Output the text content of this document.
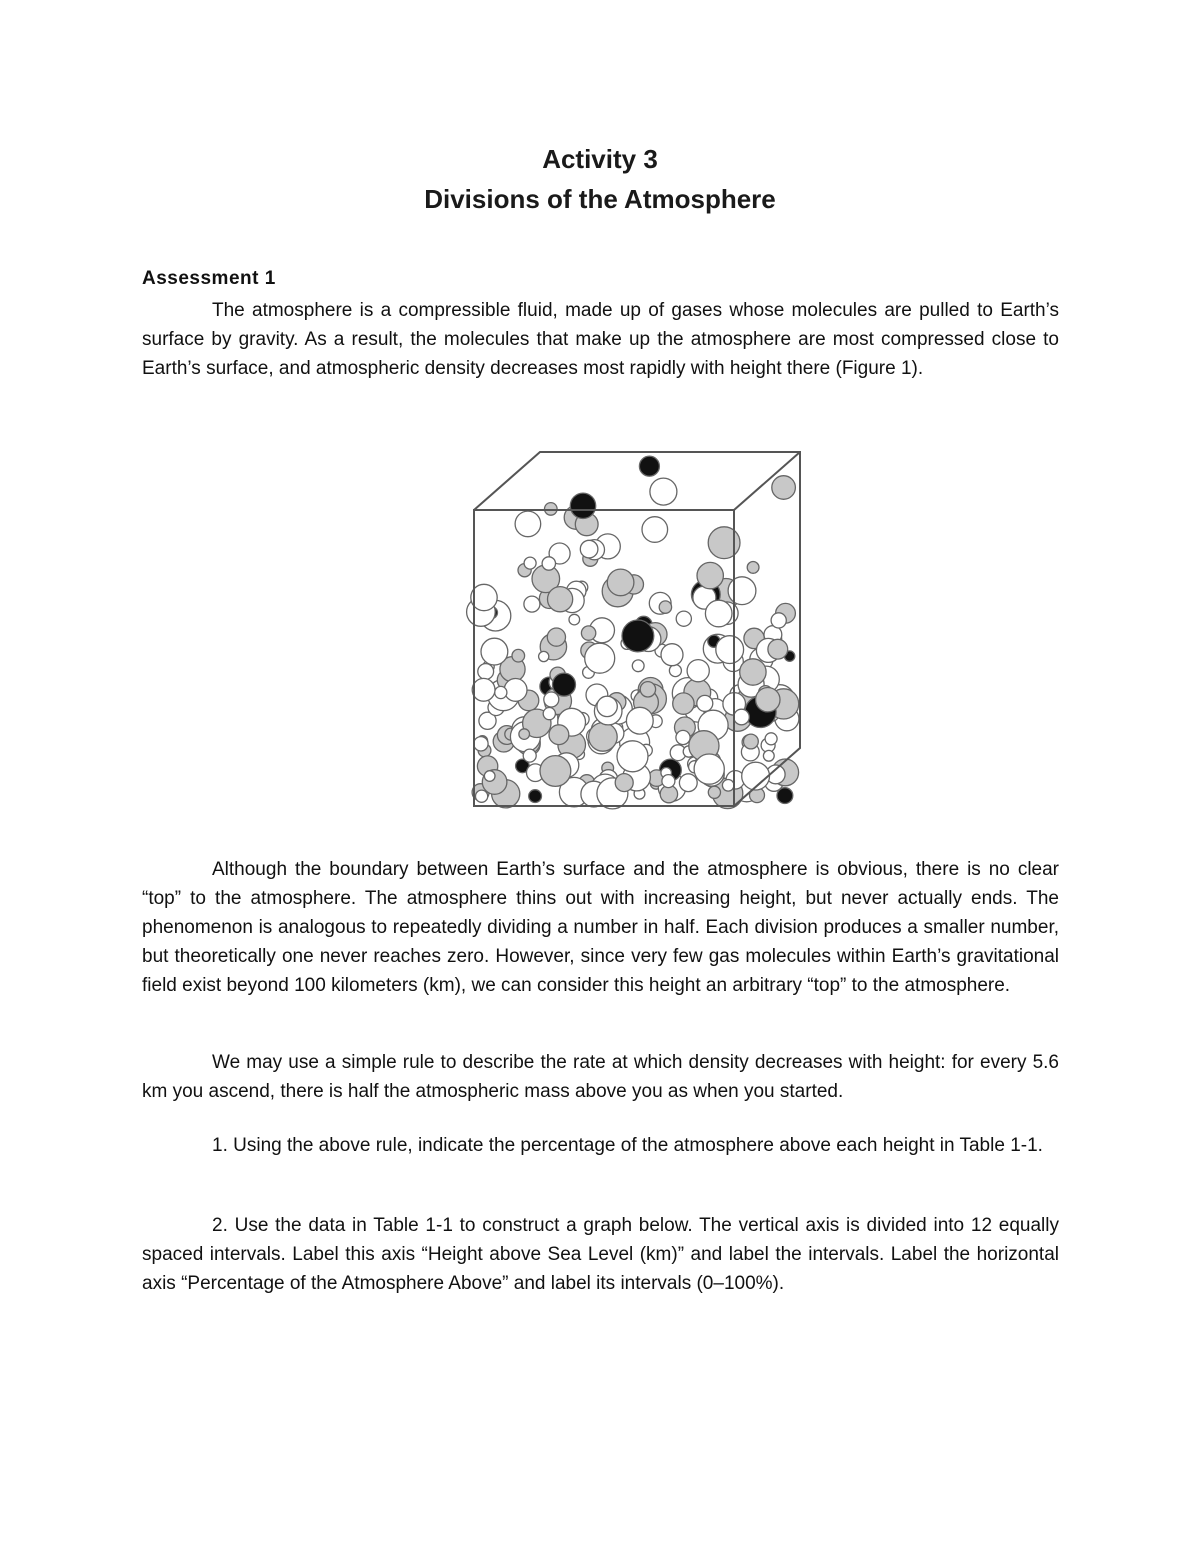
Activity 3
Divisions of the Atmosphere
Assessment 1

The atmosphere is a compressible fluid, made up of gases whose molecules are pulled to Earth’s surface by gravity. As a result, the molecules that make up the atmosphere are most compressed close to Earth’s surface, and atmospheric density decreases most rapidly with height there (Figure 1).

Although the boundary between Earth’s surface and the atmosphere is obvious, there is no clear “top” to the atmosphere. The atmosphere thins out with increasing height, but never actually ends. The phenomenon is analogous to repeatedly dividing a number in half. Each division produces a smaller number, but theoretically one never reaches zero. However, since very few gas molecules within Earth’s gravitational field exist beyond 100 kilometers (km), we can consider this height an arbitrary “top” to the atmosphere.

We may use a simple rule to describe the rate at which density decreases with height: for every 5.6 km you ascend, there is half the atmospheric mass above you as when you started.

1. Using the above rule, indicate the percentage of the atmosphere above each height in Table 1-1.

2. Use the data in Table 1-1 to construct a graph below. The vertical axis is divided into 12 equally spaced intervals. Label this axis “Height above Sea Level (km)” and label the intervals. Label the horizontal axis “Percentage of the Atmosphere Above” and label its intervals (0–100%).
